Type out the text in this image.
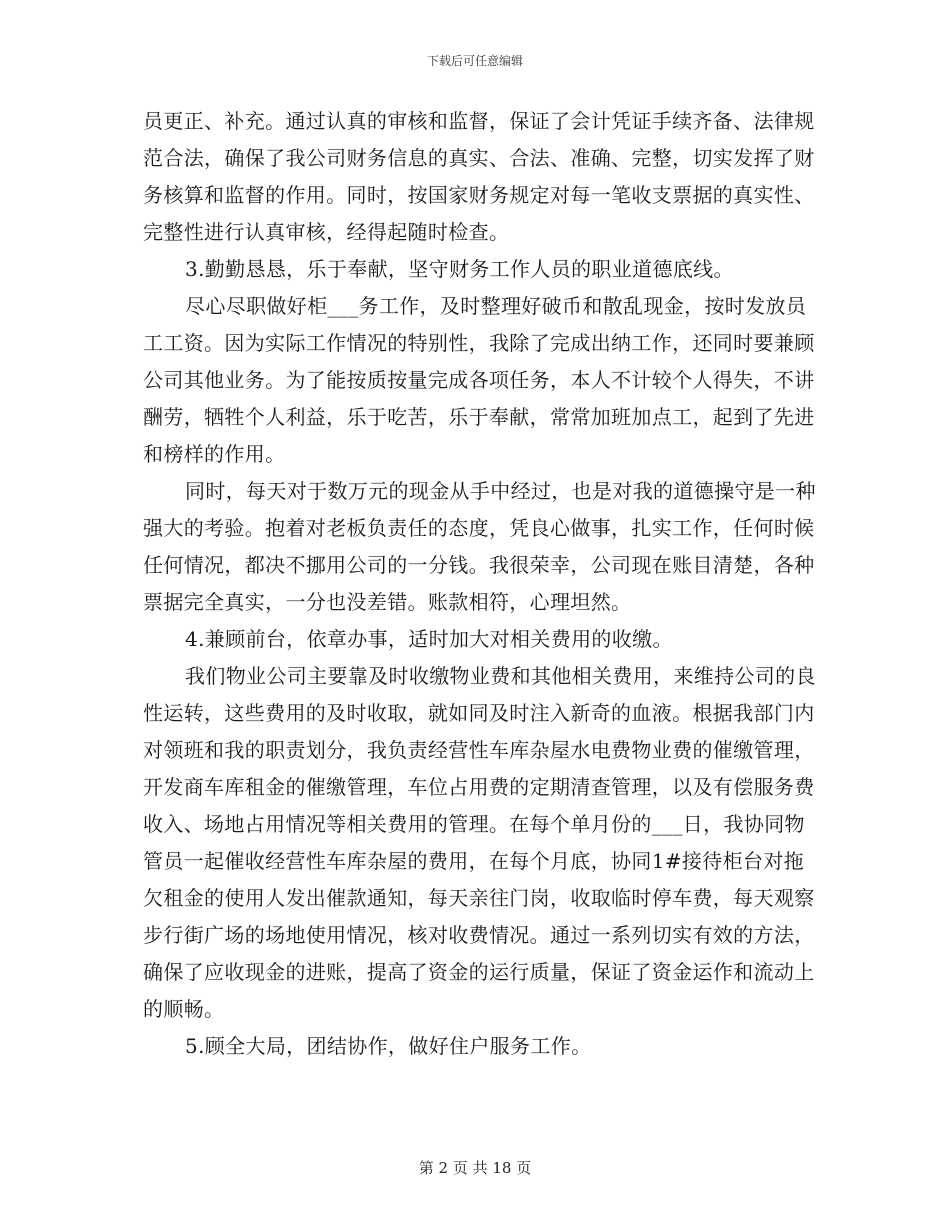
下载后可任意编辑

员更正、补充。通过认真的审核和监督，保证了会计凭证手续齐备、法律规范合法，确保了我公司财务信息的真实、合法、准确、完整，切实发挥了财务核算和监督的作用。同时，按国家财务规定对每一笔收支票据的真实性、完整性进行认真审核，经得起随时检查。

3.勤勤恳恳，乐于奉献，坚守财务工作人员的职业道德底线。

尽心尽职做好柜___务工作，及时整理好破币和散乱现金，按时发放员工工资。因为实际工作情况的特别性，我除了完成出纳工作，还同时要兼顾公司其他业务。为了能按质按量完成各项任务，本人不计较个人得失，不讲酬劳，牺牲个人利益，乐于吃苦，乐于奉献，常常加班加点工，起到了先进和榜样的作用。

同时，每天对于数万元的现金从手中经过，也是对我的道德操守是一种强大的考验。抱着对老板负责任的态度，凭良心做事，扎实工作，任何时候任何情况，都决不挪用公司的一分钱。我很荣幸，公司现在账目清楚，各种票据完全真实，一分也没差错。账款相符，心理坦然。

4.兼顾前台，依章办事，适时加大对相关费用的收缴。

我们物业公司主要靠及时收缴物业费和其他相关费用，来维持公司的良性运转，这些费用的及时收取，就如同及时注入新奇的血液。根据我部门内对领班和我的职责划分，我负责经营性车库杂屋水电费物业费的催缴管理，开发商车库租金的催缴管理，车位占用费的定期清查管理，以及有偿服务费收入、场地占用情况等相关费用的管理。在每个单月份的___日，我协同物管员一起催收经营性车库杂屋的费用，在每个月底，协同1#接待柜台对拖欠租金的使用人发出催款通知，每天亲往门岗，收取临时停车费，每天观察步行街广场的场地使用情况，核对收费情况。通过一系列切实有效的方法，确保了应收现金的进账，提高了资金的运行质量，保证了资金运作和流动上的顺畅。

5.顾全大局，团结协作，做好住户服务工作。

第 2 页 共 18 页
